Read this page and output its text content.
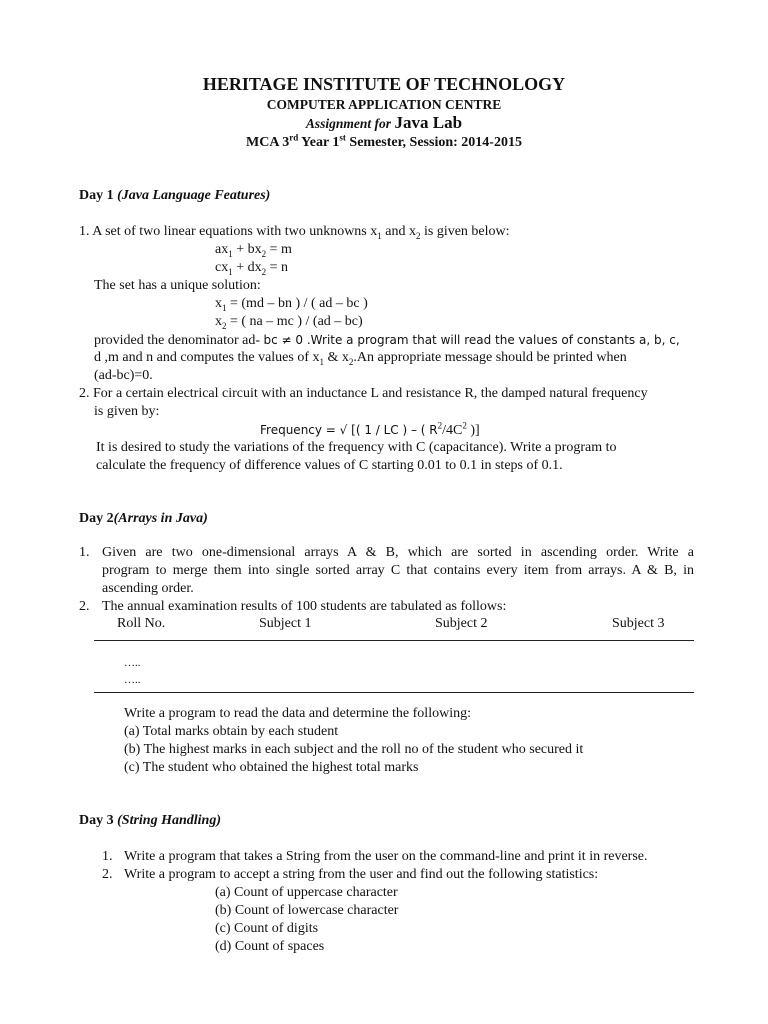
HERITAGE INSTITUTE OF TECHNOLOGY
COMPUTER APPLICATION CENTRE
Assignment for Java Lab
MCA 3rd Year 1st Semester, Session: 2014-2015
Day 1 (Java Language Features)
1. A set of two linear equations with two unknowns $x_1$ and $x_2$ is given below:
$ax_1 + bx_2 = m$
$cx_1 + dx_2 = n$
The set has a unique solution:
$x_1 = (md$ – bn ) / ( ad – bc )
$x_2$ = ( na – mc ) / (ad – bc)
provided the denominator ad- bc ≠ 0 .Write a program that will read the values of constants a, b, c,
d ,m and n and computes the values of $x_1$ & $x_2.An$ appropriate message should be printed when
(ad-bc)=0.
2. For a certain electrical circuit with an inductance L and resistance R, the damped natural frequency
is given by:
Frequency = √ [( 1 / LC ) – ( $R^2/4C^2$ )]
It is desired to study the variations of the frequency with C (capacitance). Write a program to
calculate the frequency of difference values of C starting 0.01 to 0.1 in steps of 0.1.
Day 2(Arrays in Java)
1. Given are two one-dimensional arrays A & B, which are sorted in ascending order. Write a
program to merge them into single sorted array C that contains every item from arrays. A & B, in
ascending order.
2. The annual examination results of 100 students are tabulated as follows:
Roll No.	Subject 1	Subject 2	Subject 3
…..
…..
Write a program to read the data and determine the following:
(a) Total marks obtain by each student
(b) The highest marks in each subject and the roll no of the student who secured it
(c) The student who obtained the highest total marks
Day 3 (String Handling)
1. Write a program that takes a String from the user on the command-line and print it in reverse.
2. Write a program to accept a string from the user and find out the following statistics:
(a) Count of uppercase character
(b) Count of lowercase character
(c) Count of digits
(d) Count of spaces
